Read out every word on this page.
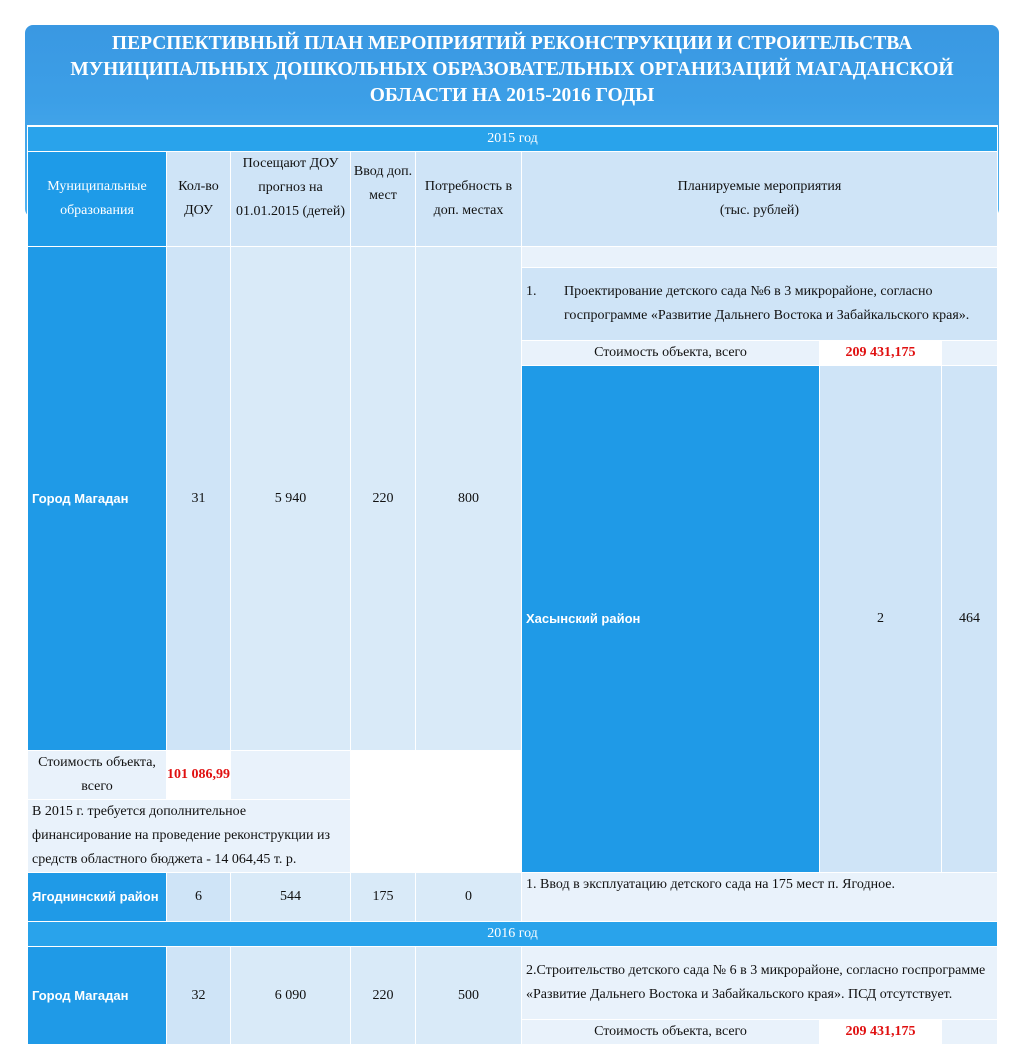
ПЕРСПЕКТИВНЫЙ ПЛАН МЕРОПРИЯТИЙ РЕКОНСТРУКЦИИ И СТРОИТЕЛЬСТВА МУНИЦИПАЛЬНЫХ ДОШКОЛЬНЫХ ОБРАЗОВАТЕЛЬНЫХ ОРГАНИЗАЦИЙ МАГАДАНСКОЙ ОБЛАСТИ НА 2015-2016 ГОДЫ
2015 год								
Муниципальные образования	Кол-во ДОУ	Посещают ДОУ прогноз на 01.01.2015 (детей)	Ввод доп. мест	Потребность в доп. местах	Планируемые мероприятия
(тыс. рублей)			

Город Магадан	31	5 940	220	800				

					1. Проектирование детского сада №6 в 3 микрорайоне, согласно госпрограмме «Развитие Дальнего Востока и Забайкальского края».			

					Стоимость объекта, всего	209 431,175		
					Хасынский район	2	464			

Стоимость объекта, всего	101 086,99							
В 2015 г. требуется дополнительное финансирование на проведение реконструкции из средств областного бюджета - 14 064,45 т. р.								
Ягоднинский район	6	544	175	0	1. Ввод в эксплуатацию детского сада на 175 мест п. Ягодное.			
2016 год								
Город Магадан	32	6 090	220	500	2.Строительство детского сада № 6 в 3 микрорайоне, согласно госпрограмме «Развитие Дальнего Востока и Забайкальского края». ПСД отсутствует.			
					Стоимость объекта, всего	209 431,175		
